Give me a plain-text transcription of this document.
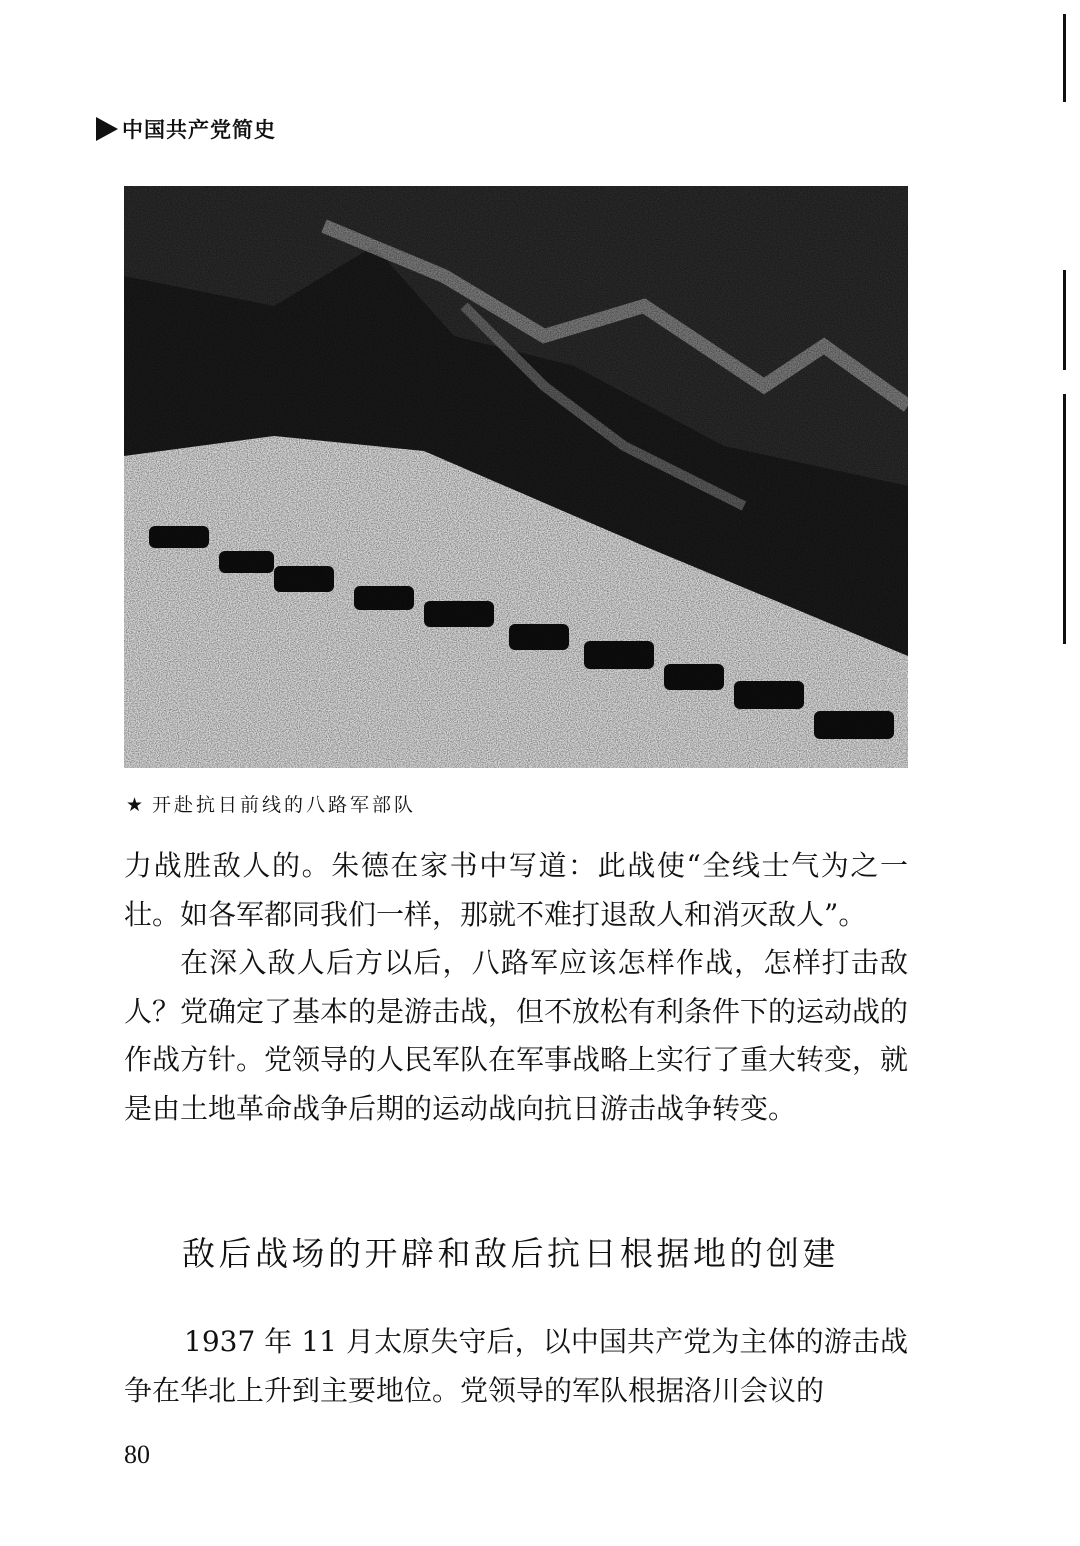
中国共产党简史
★ 开赴抗日前线的八路军部队

力战胜敌人的。朱德在家书中写道：此战使“全线士气为之一壮。如各军都同我们一样，那就不难打退敌人和消灭敌人”。

在深入敌人后方以后，八路军应该怎样作战，怎样打击敌人？党确定了基本的是游击战，但不放松有利条件下的运动战的作战方针。党领导的人民军队在军事战略上实行了重大转变，就是由土地革命战争后期的运动战向抗日游击战争转变。

敌后战场的开辟和敌后抗日根据地的创建

1937 年 11 月太原失守后，以中国共产党为主体的游击战争在华北上升到主要地位。党领导的军队根据洛川会议的

80
